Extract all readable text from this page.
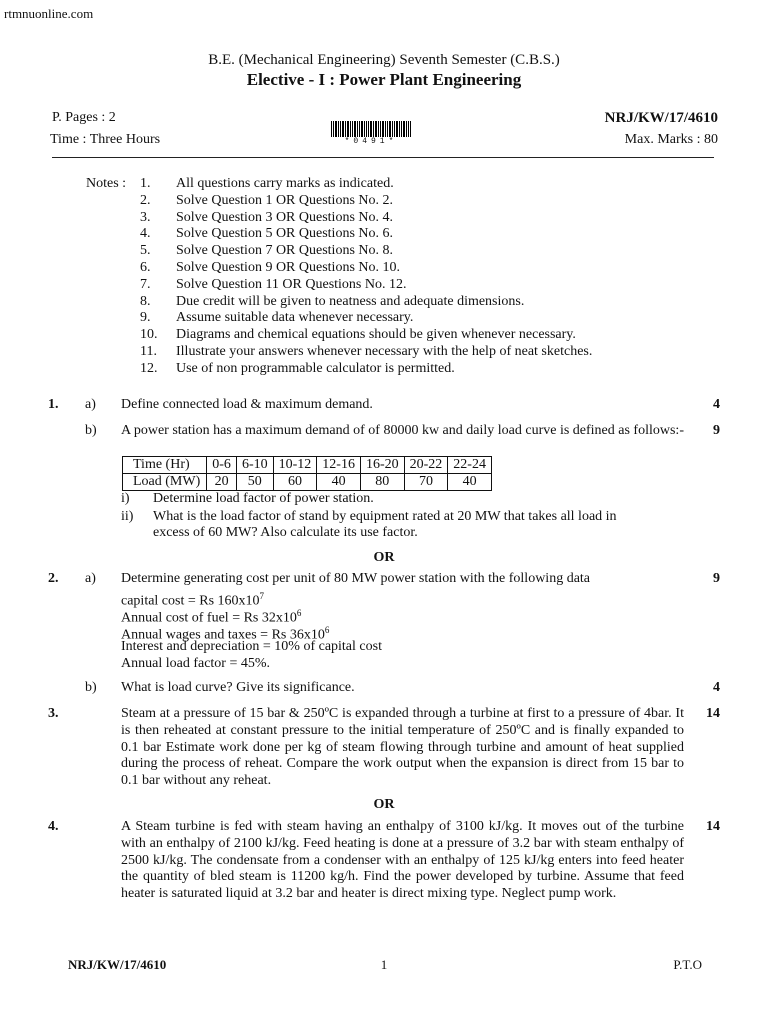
rtmnuonline.com
B.E. (Mechanical Engineering) Seventh Semester (C.B.S.)
Elective - I : Power Plant Engineering
P. Pages : 2
Time : Three Hours
NRJ/KW/17/4610
Max. Marks : 80
*0491*
Notes : 1. All questions carry marks as indicated.
2. Solve Question 1 OR Questions No. 2.
3. Solve Question 3 OR Questions No. 4.
4. Solve Question 5 OR Questions No. 6.
5. Solve Question 7 OR Questions No. 8.
6. Solve Question 9 OR Questions No. 10.
7. Solve Question 11 OR Questions No. 12.
8. Due credit will be given to neatness and adequate dimensions.
9. Assume suitable data whenever necessary.
10. Diagrams and chemical equations should be given whenever necessary.
11. Illustrate your answers whenever necessary with the help of neat sketches.
12. Use of non programmable calculator is permitted.
1. a) Define connected load & maximum demand.	4
b) A power station has a maximum demand of of 80000 kw and daily load curve is defined as follows:- 9
Time (Hr)	0-6	6-10	10-12	12-16	16-20	20-22	22-24
Load (MW)	20	50	60	40	80	70	40
i) Determine load factor of power station.
ii) What is the load factor of stand by equipment rated at 20 MW that takes all load in
excess of 60 MW? Also calculate its use factor.
OR
2. a) Determine generating cost per unit of 80 MW power station with the following data	9
capital cost = Rs $160x10^7$
Annual cost of fuel = Rs $32x10^6$
Annual wages and taxes = Rs $36x10^6$
Interest and depreciation = 10% of capital cost
Annual load factor = 45%.
b) What is load curve? Give its significance.	4
3.	Steam at a pressure of 15 bar & 250ºC is expanded through a turbine at first to a pressure of 4bar. It is then reheated at constant pressure to the initial temperature of 250ºC and is finally expanded to 0.1 bar Estimate work done per kg of steam flowing through turbine and amount of heat supplied during the process of reheat. Compare the work output when the expansion is direct from 15 bar to 0.1 bar without any reheat.
14
OR
4.	A Steam turbine is fed with steam having an enthalpy of 3100 kJ/kg. It moves out of the turbine with an enthalpy of 2100 kJ/kg. Feed heating is done at a pressure of 3.2 bar with steam enthalpy of 2500 kJ/kg. The condensate from a condenser with an enthalpy of 125 kJ/kg enters into feed heater the quantity of bled steam is 11200 kg/h. Find the power developed by turbine. Assume that feed heater is saturated liquid at 3.2 bar and heater is direct mixing type. Neglect pump work.
14
NRJ/KW/17/4610	1	P.T.O
